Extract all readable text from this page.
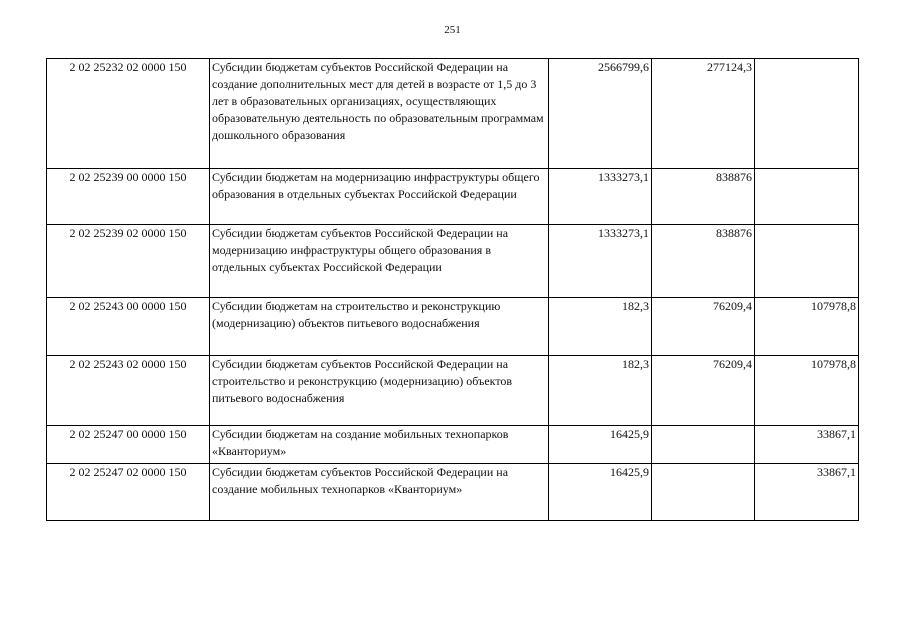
251
2 02 25232 02 0000 150	Субсидии бюджетам субъектов Российской Федерации на создание дополнительных мест для детей в возрасте от 1,5 до 3 лет в образовательных организациях, осуществляющих образовательную деятельность по образовательным программам дошкольного образования	2566799,6	277124,3	
2 02 25239 00 0000 150	Субсидии бюджетам на модернизацию инфраструктуры общего образования в отдельных субъектах Российской Федерации	1333273,1	838876	
2 02 25239 02 0000 150	Субсидии бюджетам субъектов Российской Федерации на модернизацию инфраструктуры общего образования в отдельных субъектах Российской Федерации	1333273,1	838876	
2 02 25243 00 0000 150	Субсидии бюджетам на строительство и реконструкцию (модернизацию) объектов питьевого водоснабжения	182,3	76209,4	107978,8
2 02 25243 02 0000 150	Субсидии бюджетам субъектов Российской Федерации на строительство и реконструкцию (модернизацию) объектов питьевого водоснабжения	182,3	76209,4	107978,8
2 02 25247 00 0000 150	Субсидии бюджетам на создание мобильных технопарков «Кванториум»	16425,9		33867,1
2 02 25247 02 0000 150	Субсидии бюджетам субъектов Российской Федерации на создание мобильных технопарков «Кванториум»	16425,9		33867,1
